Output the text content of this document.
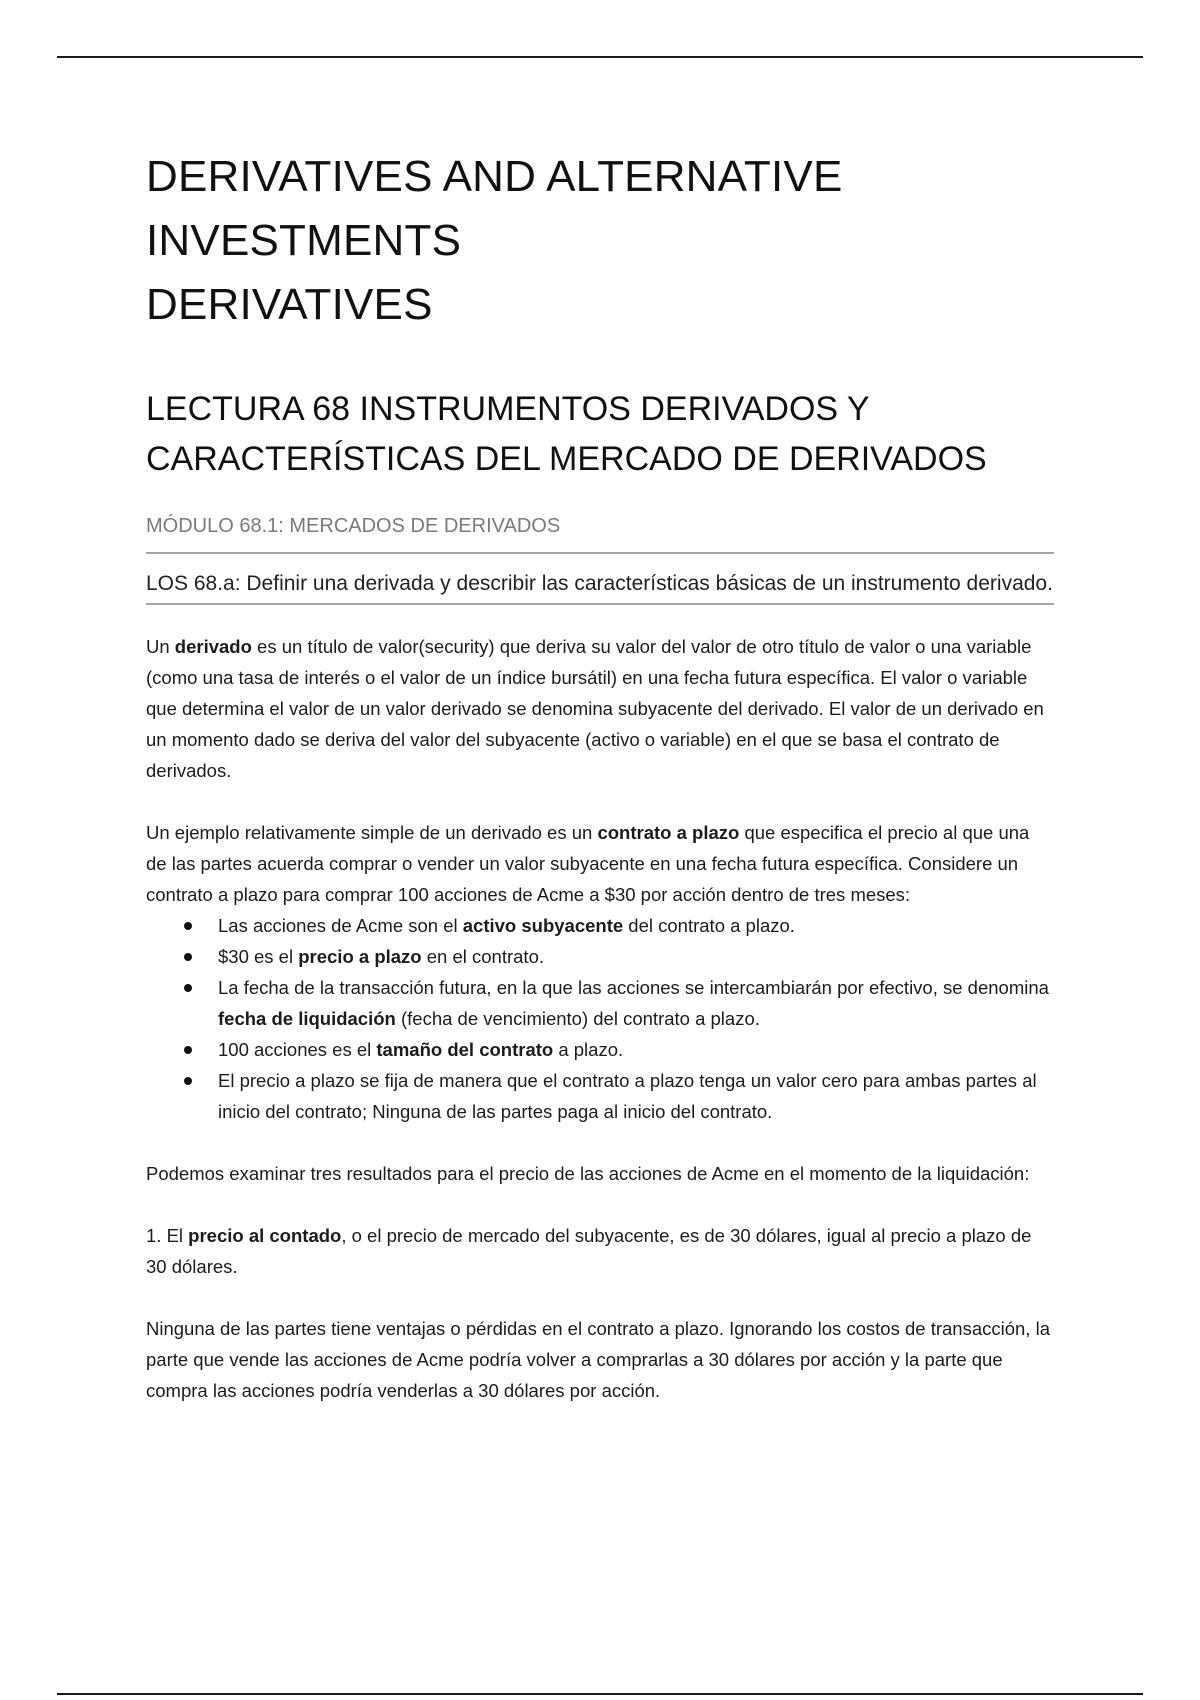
DERIVATIVES AND ALTERNATIVE
INVESTMENTS
DERIVATIVES
LECTURA 68 INSTRUMENTOS DERIVADOS Y
CARACTERÍSTICAS DEL MERCADO DE DERIVADOS
MÓDULO 68.1: MERCADOS DE DERIVADOS
LOS 68.a: Definir una derivada y describir las características básicas de un instrumento derivado.

Un derivado es un título de valor(security) que deriva su valor del valor de otro título de valor o una variable (como una tasa de interés o el valor de un índice bursátil) en una fecha futura específica. El valor o variable que determina el valor de un valor derivado se denomina subyacente del derivado. El valor de un derivado en un momento dado se deriva del valor del subyacente (activo o variable) en el que se basa el contrato de derivados.

Un ejemplo relativamente simple de un derivado es un contrato a plazo que especifica el precio al que una de las partes acuerda comprar o vender un valor subyacente en una fecha futura específica. Considere un contrato a plazo para comprar 100 acciones de Acme a $30 por acción dentro de tres meses:

Las acciones de Acme son el activo subyacente del contrato a plazo.
$30 es el precio a plazo en el contrato.
La fecha de la transacción futura, en la que las acciones se intercambiarán por efectivo, se denomina fecha de liquidación (fecha de vencimiento) del contrato a plazo.
100 acciones es el tamaño del contrato a plazo.
El precio a plazo se fija de manera que el contrato a plazo tenga un valor cero para ambas partes al inicio del contrato; Ninguna de las partes paga al inicio del contrato.

Podemos examinar tres resultados para el precio de las acciones de Acme en el momento de la liquidación:

1. El precio al contado, o el precio de mercado del subyacente, es de 30 dólares, igual al precio a plazo de 30 dólares.

Ninguna de las partes tiene ventajas o pérdidas en el contrato a plazo. Ignorando los costos de transacción, la parte que vende las acciones de Acme podría volver a comprarlas a 30 dólares por acción y la parte que compra las acciones podría venderlas a 30 dólares por acción.
